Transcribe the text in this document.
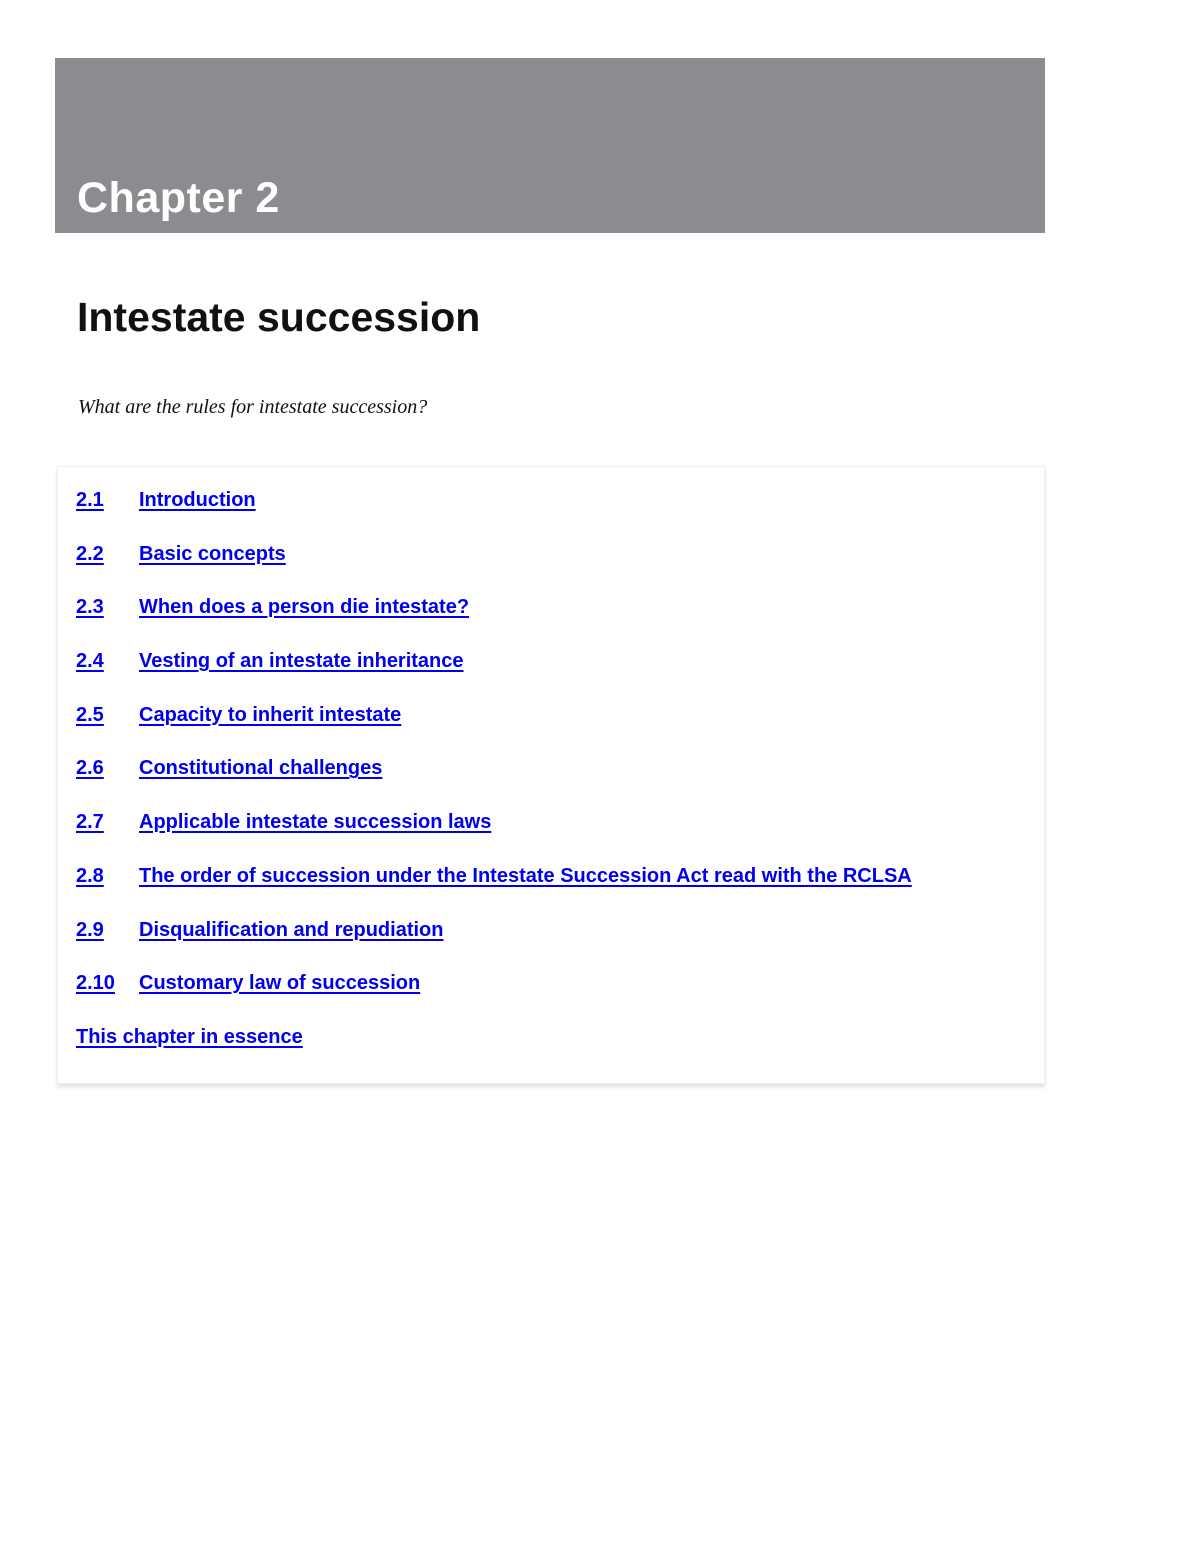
Chapter 2
Intestate succession
What are the rules for intestate succession?
2.1	Introduction
2.2	Basic concepts
2.3	When does a person die intestate?
2.4	Vesting of an intestate inheritance
2.5	Capacity to inherit intestate
2.6	Constitutional challenges
2.7	Applicable intestate succession laws
2.8	The order of succession under the Intestate Succession Act read with the RCLSA
2.9	Disqualification and repudiation
2.10	Customary law of succession
This chapter in essence
